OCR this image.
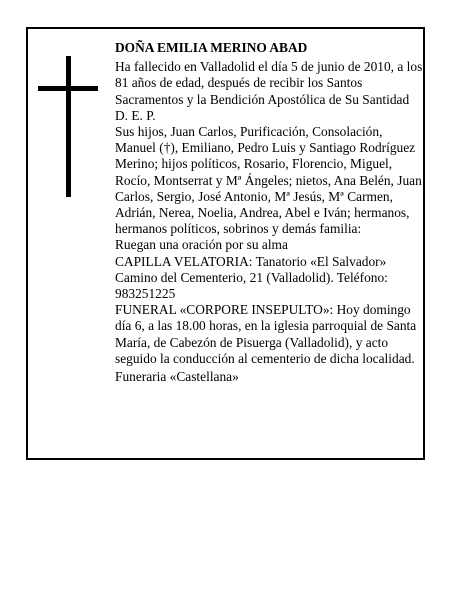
DOÑA EMILIA MERINO ABAD

Ha fallecido en Valladolid el día 5 de junio de 2010, a los 81 años de edad, después de recibir los Santos Sacramentos y la Bendición Apostólica de Su Santidad

D. E. P.

Sus hijos, Juan Carlos, Purificación, Consolación, Manuel (†), Emiliano, Pedro Luis y Santiago Rodríguez Merino; hijos políticos, Rosario, Florencio, Miguel, Rocío, Montserrat y Mª Ángeles; nietos, Ana Belén, Juan Carlos, Sergio, José Antonio, Mª Jesús, Mª Carmen, Adrián, Nerea, Noelia, Andrea, Abel e Iván; hermanos, hermanos políticos, sobrinos y demás familia:

Ruegan una oración por su alma

CAPILLA VELATORIA: Tanatorio «El Salvador» Camino del Cementerio, 21 (Valladolid). Teléfono: 983251225

FUNERAL «CORPORE INSEPULTO»: Hoy domingo día 6, a las 18.00 horas, en la iglesia parroquial de Santa María, de Cabezón de Pisuerga (Valladolid), y acto seguido la conducción al cementerio de dicha localidad.

Funeraria «Castellana»
